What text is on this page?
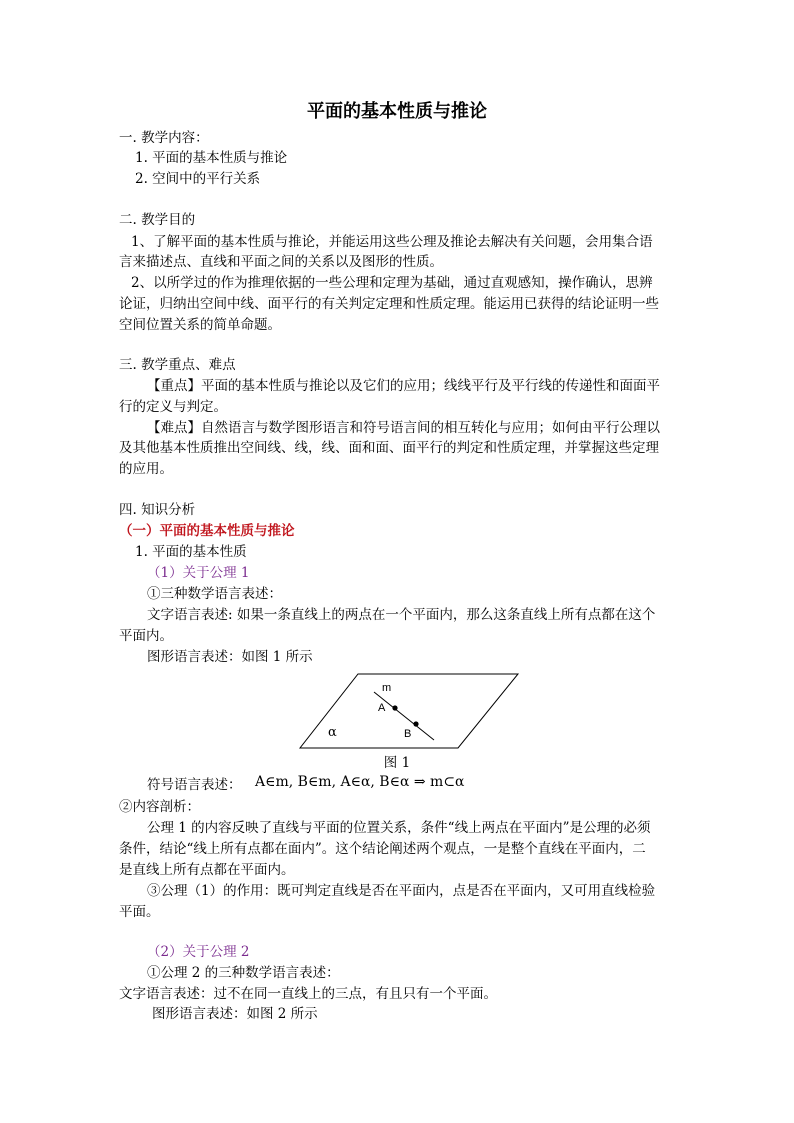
平面的基本性质与推论
一. 教学内容：
1. 平面的基本性质与推论
2. 空间中的平行关系
二. 教学目的
1、了解平面的基本性质与推论，并能运用这些公理及推论去解决有关问题，会用集合语
言来描述点、直线和平面之间的关系以及图形的性质。
2、以所学过的作为推理依据的一些公理和定理为基础，通过直观感知，操作确认，思辨
论证，归纳出空间中线、面平行的有关判定定理和性质定理。能运用已获得的结论证明一些
空间位置关系的简单命题。
三. 教学重点、难点
【重点】平面的基本性质与推论以及它们的应用；线线平行及平行线的传递性和面面平
行的定义与判定。
【难点】自然语言与数学图形语言和符号语言间的相互转化与应用；如何由平行公理以
及其他基本性质推出空间线、线，线、面和面、面平行的判定和性质定理，并掌握这些定理
的应用。
四. 知识分析
（一）平面的基本性质与推论
1. 平面的基本性质
（1）关于公理 1
①三种数学语言表述：
文字语言表述: 如果一条直线上的两点在一个平面内，那么这条直线上所有点都在这个
平面内。
图形语言表述：如图 1 所示
m
A
B
α
图 1
符号语言表述： A∈m, B∈m, A∈α, B∈α ⇒ m⊂α
②内容剖析：
公理 1 的内容反映了直线与平面的位置关系，条件“线上两点在平面内”是公理的必须
条件，结论“线上所有点都在面内”。这个结论阐述两个观点，一是整个直线在平面内，二
是直线上所有点都在平面内。
③公理（1）的作用：既可判定直线是否在平面内，点是否在平面内，又可用直线检验
平面。
（2）关于公理 2
①公理 2 的三种数学语言表述：
文字语言表述：过不在同一直线上的三点，有且只有一个平面。
图形语言表述：如图 2 所示
